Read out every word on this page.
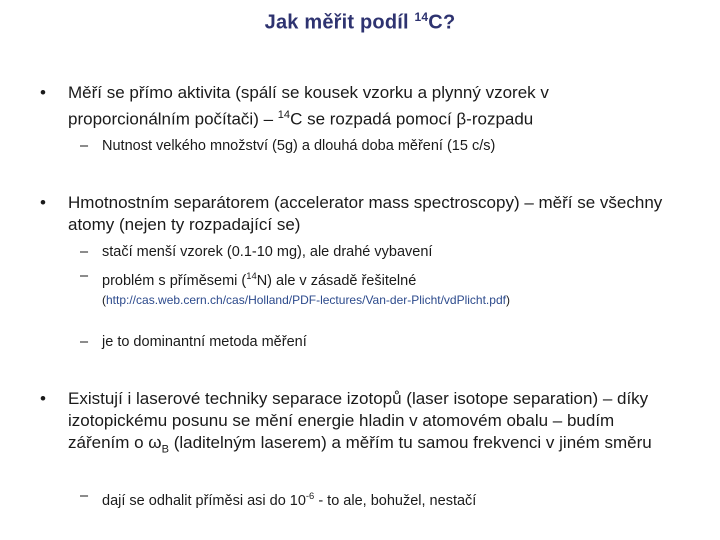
Jak měřit podíl $^{14}$C?
• Měří se přímo aktivita (spálí se kousek vzorku a plynný vzorek v proporcionálním počítači) – $^{14}$C se rozpadá pomocí β-rozpadu
– Nutnost velkého množství (5g) a dlouhá doba měření (15 c/s)
• Hmotnostním separátorem (accelerator mass spectroscopy) – měří se všechny atomy (nejen ty rozpadající se)
– stačí menší vzorek (0.1-10 mg), ale drahé vybavení
– problém s příměsemi ($^{14}$N) ale v zásadě řešitelné
(http://cas.web.cern.ch/cas/Holland/PDF-lectures/Van-der-Plicht/vdPlicht.pdf)
– je to dominantní metoda měření
• Existují i laserové techniky separace izotopů (laser isotope separation) – díky izotopickému posunu se mění energie hladin v atomovém obalu – budím zářením o $\omega_B$ (laditelným laserem) a měřím tu samou frekvenci v jiném směru
– dají se odhalit příměsi asi do $10^{-6}$ - to ale, bohužel, nestačí
